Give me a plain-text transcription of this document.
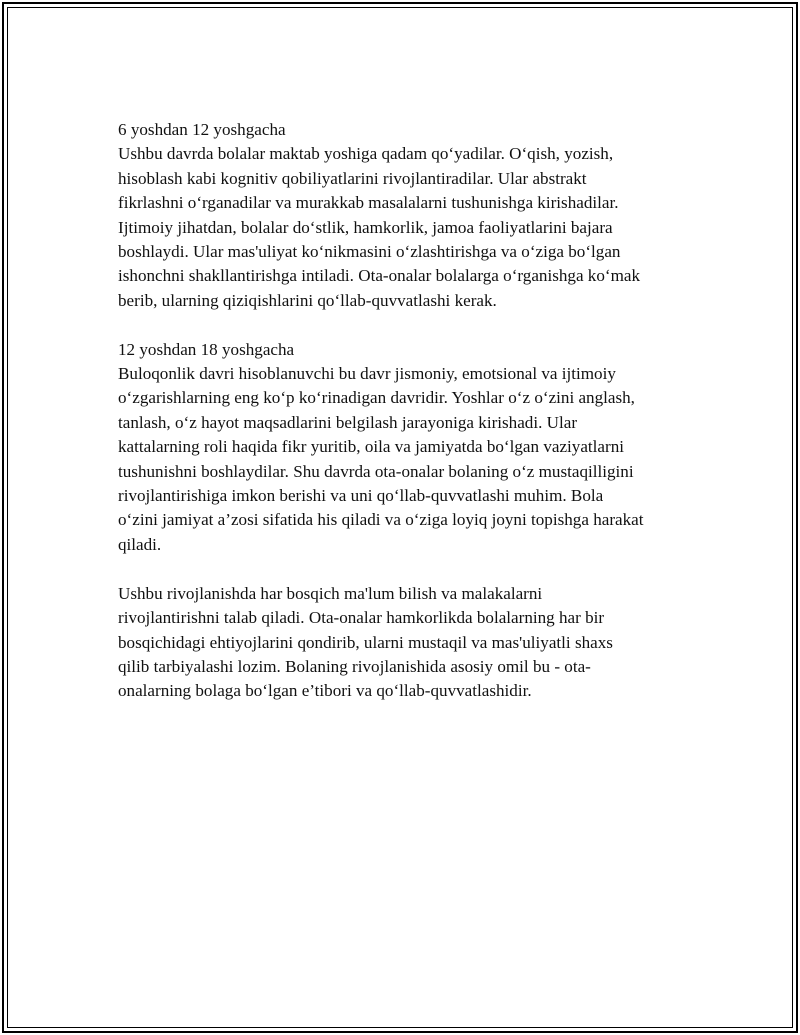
6 yoshdan 12 yoshgacha
Ushbu davrda bolalar maktab yoshiga qadam qo‘yadilar. O‘qish, yozish,
hisoblash kabi kognitiv qobiliyatlarini rivojlantiradilar. Ular abstrakt
fikrlashni o‘rganadilar va murakkab masalalarni tushunishga kirishadilar.
Ijtimoiy jihatdan, bolalar do‘stlik, hamkorlik, jamoa faoliyatlarini bajara
boshlaydi. Ular mas'uliyat ko‘nikmasini o‘zlashtirishga va o‘ziga bo‘lgan
ishonchni shakllantirishga intiladi. Ota-onalar bolalarga o‘rganishga ko‘mak
berib, ularning qiziqishlarini qo‘llab-quvvatlashi kerak.
12 yoshdan 18 yoshgacha
Buloqonlik davri hisoblanuvchi bu davr jismoniy, emotsional va ijtimoiy
o‘zgarishlarning eng ko‘p ko‘rinadigan davridir. Yoshlar o‘z o‘zini anglash,
tanlash, o‘z hayot maqsadlarini belgilash jarayoniga kirishadi. Ular
kattalarning roli haqida fikr yuritib, oila va jamiyatda bo‘lgan vaziyatlarni
tushunishni boshlaydilar. Shu davrda ota-onalar bolaning o‘z mustaqilligini
rivojlantirishiga imkon berishi va uni qo‘llab-quvvatlashi muhim. Bola
o‘zini jamiyat a’zosi sifatida his qiladi va o‘ziga loyiq joyni topishga harakat
qiladi.
Ushbu rivojlanishda har bosqich ma'lum bilish va malakalarni
rivojlantirishni talab qiladi. Ota-onalar hamkorlikda bolalarning har bir
bosqichidagi ehtiyojlarini qondirib, ularni mustaqil va mas'uliyatli shaxs
qilib tarbiyalashi lozim. Bolaning rivojlanishida asosiy omil bu - ota-
onalarning bolaga bo‘lgan e’tibori va qo‘llab-quvvatlashidir.
